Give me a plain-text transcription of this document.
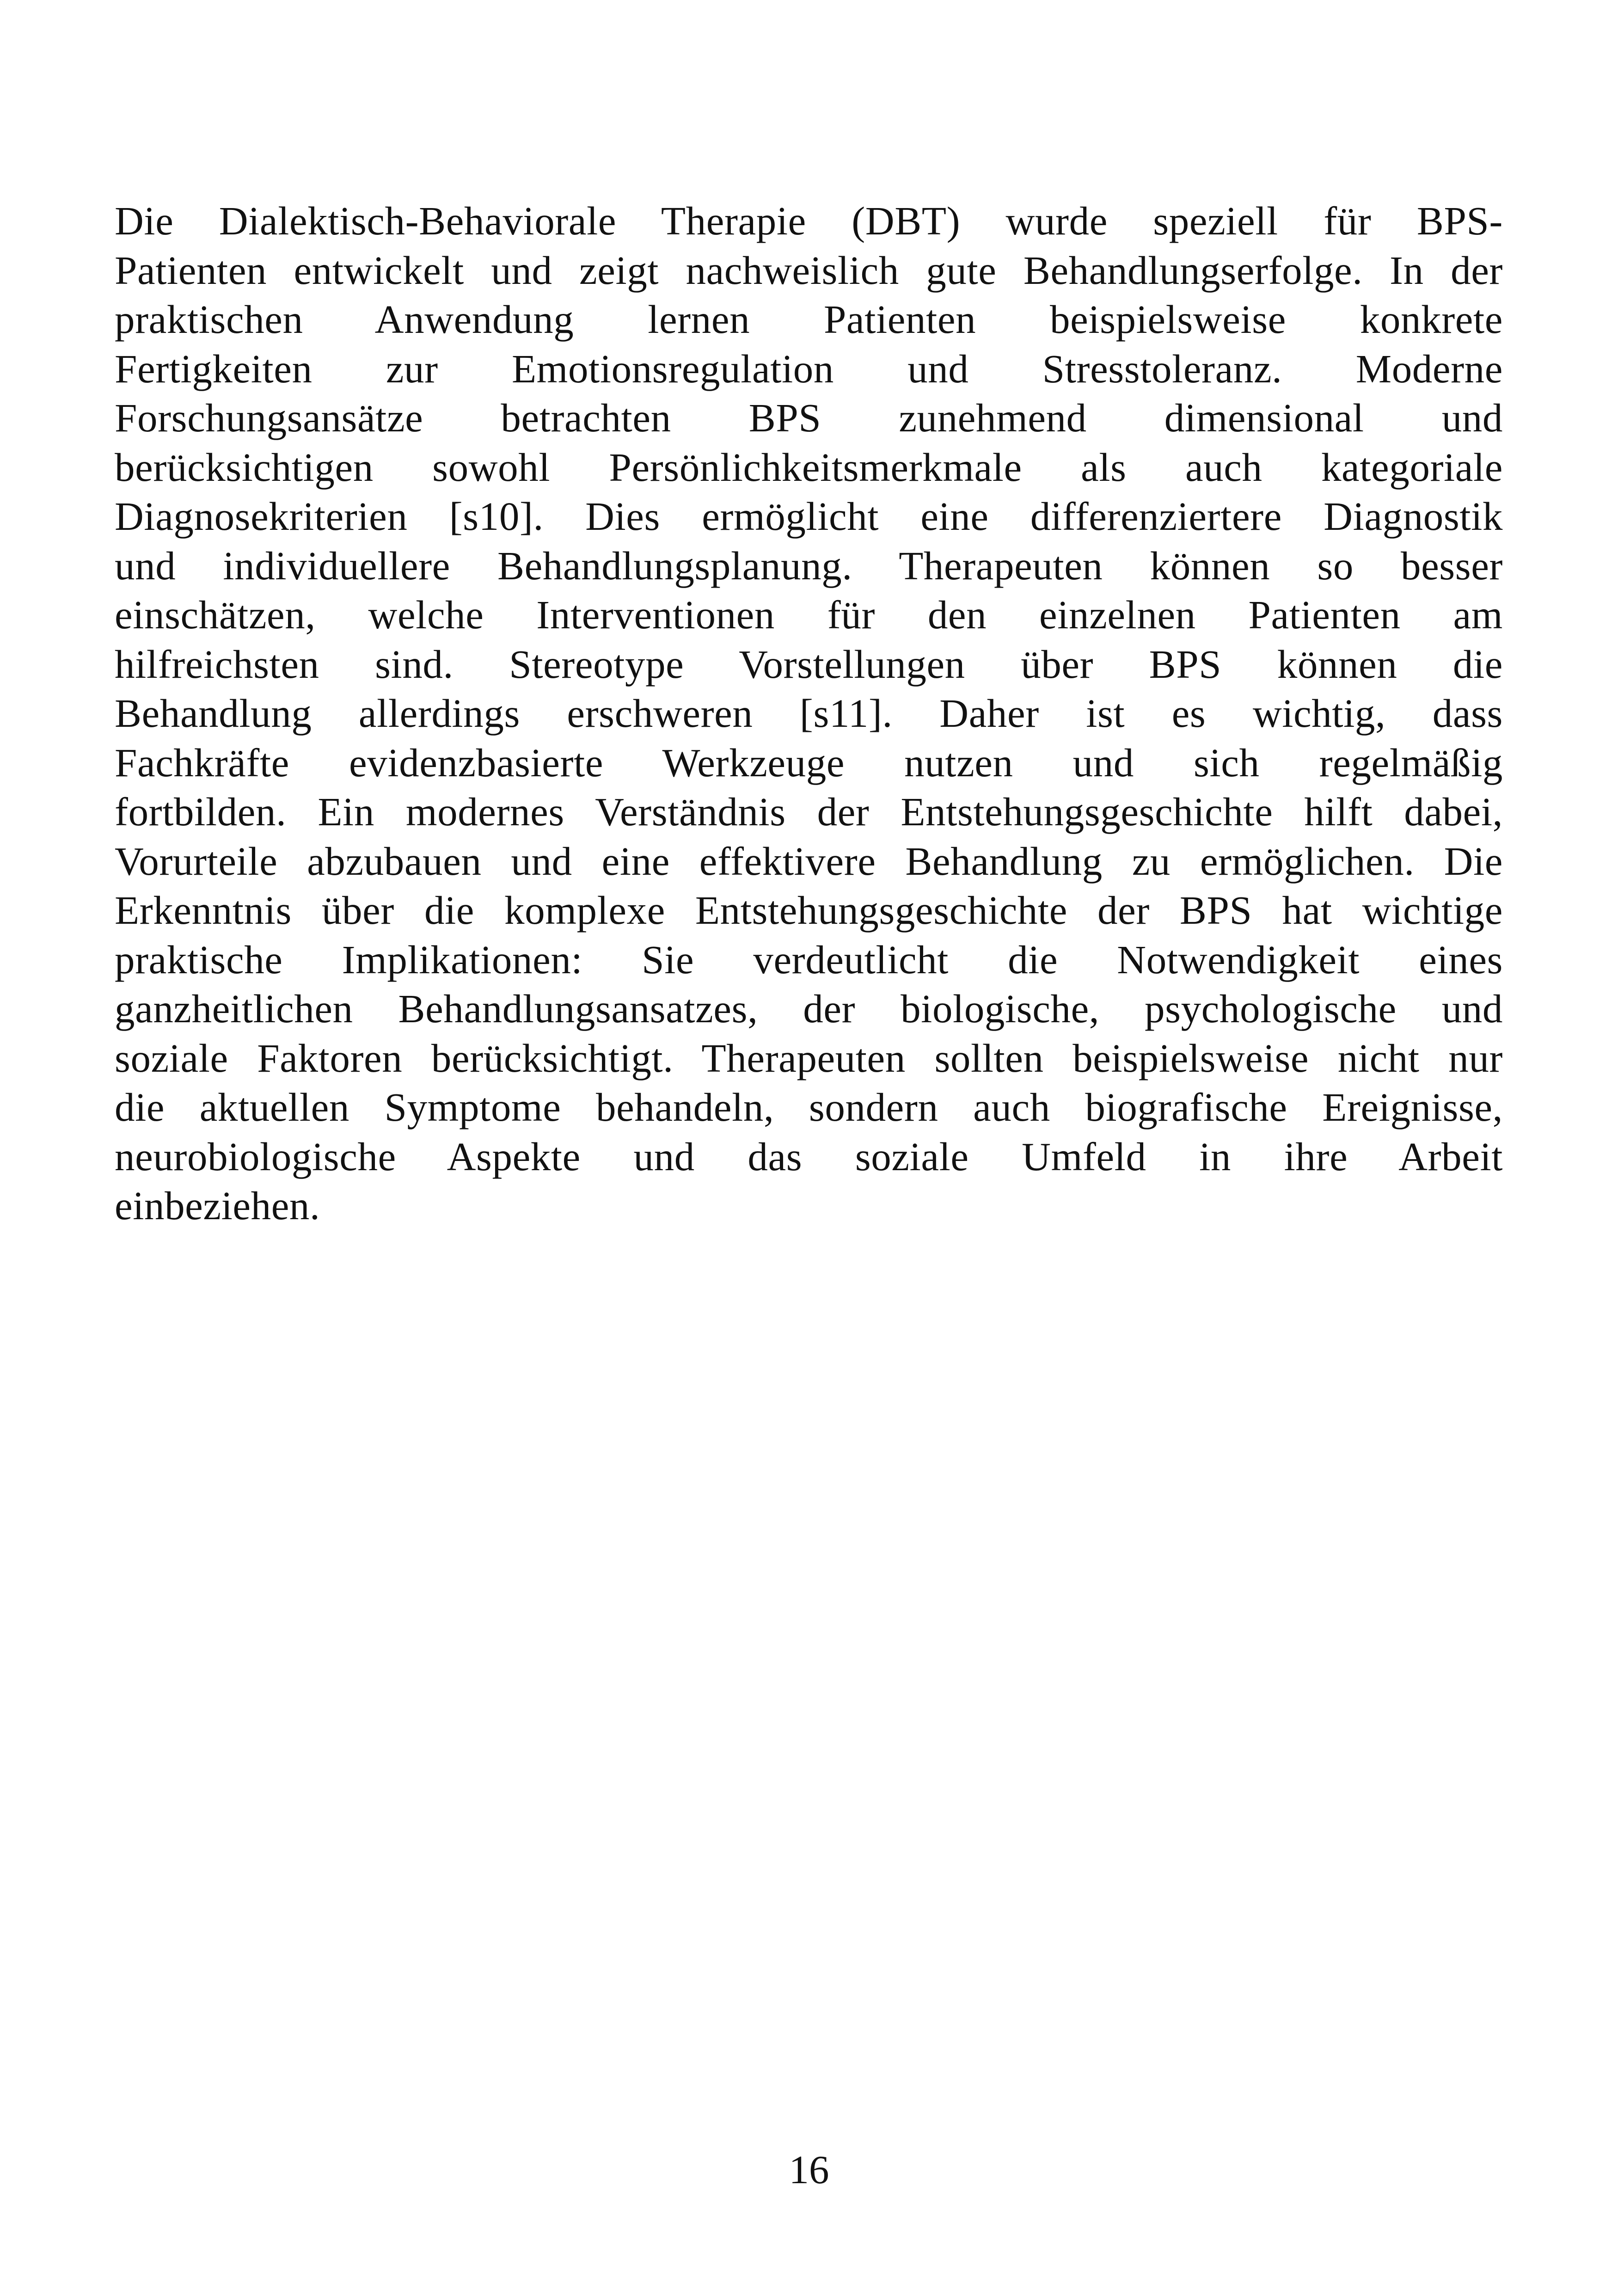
Die Dialektisch-Behaviorale Therapie (DBT) wurde speziell für BPS-
Patienten entwickelt und zeigt nachweislich gute Behandlungserfolge. In der
praktischen Anwendung lernen Patienten beispielsweise konkrete
Fertigkeiten zur Emotionsregulation und Stresstoleranz. Moderne
Forschungsansätze betrachten BPS zunehmend dimensional und
berücksichtigen sowohl Persönlichkeitsmerkmale als auch kategoriale
Diagnosekriterien [s10]. Dies ermöglicht eine differenziertere Diagnostik
und individuellere Behandlungsplanung. Therapeuten können so besser
einschätzen, welche Interventionen für den einzelnen Patienten am
hilfreichsten sind. Stereotype Vorstellungen über BPS können die
Behandlung allerdings erschweren [s11]. Daher ist es wichtig, dass
Fachkräfte evidenzbasierte Werkzeuge nutzen und sich regelmäßig
fortbilden. Ein modernes Verständnis der Entstehungsgeschichte hilft dabei,
Vorurteile abzubauen und eine effektivere Behandlung zu ermöglichen. Die
Erkenntnis über die komplexe Entstehungsgeschichte der BPS hat wichtige
praktische Implikationen: Sie verdeutlicht die Notwendigkeit eines
ganzheitlichen Behandlungsansatzes, der biologische, psychologische und
soziale Faktoren berücksichtigt. Therapeuten sollten beispielsweise nicht nur
die aktuellen Symptome behandeln, sondern auch biografische Ereignisse,
neurobiologische Aspekte und das soziale Umfeld in ihre Arbeit
einbeziehen.

16
